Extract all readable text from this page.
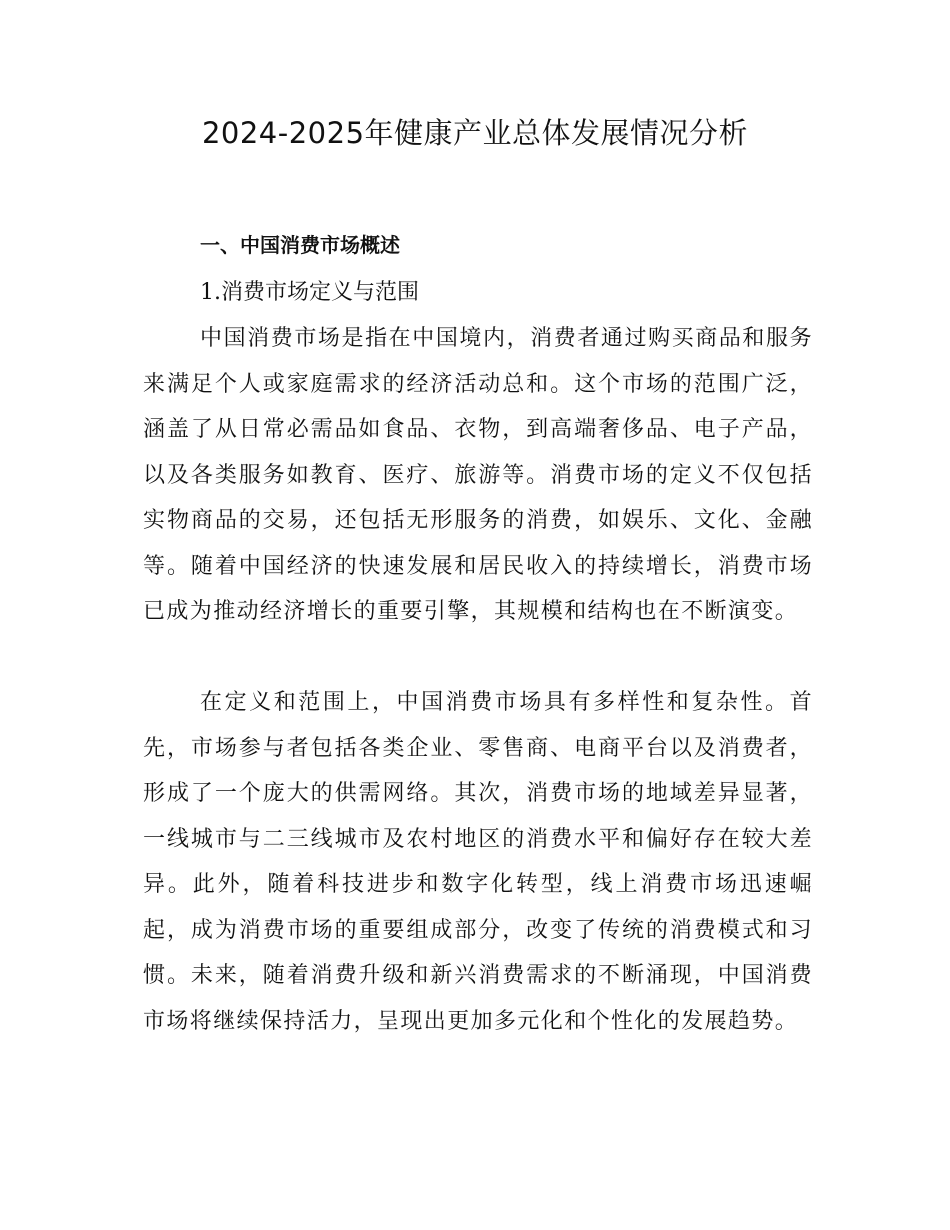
2024-2025年健康产业总体发展情况分析
一、中国消费市场概述
1.消费市场定义与范围

中国消费市场是指在中国境内，消费者通过购买商品和服务来满足个人或家庭需求的经济活动总和。这个市场的范围广泛，涵盖了从日常必需品如食品、衣物，到高端奢侈品、电子产品，以及各类服务如教育、医疗、旅游等。消费市场的定义不仅包括实物商品的交易，还包括无形服务的消费，如娱乐、文化、金融等。随着中国经济的快速发展和居民收入的持续增长，消费市场已成为推动经济增长的重要引擎，其规模和结构也在不断演变。

在定义和范围上，中国消费市场具有多样性和复杂性。首先，市场参与者包括各类企业、零售商、电商平台以及消费者，形成了一个庞大的供需网络。其次，消费市场的地域差异显著，一线城市与二三线城市及农村地区的消费水平和偏好存在较大差异。此外，随着科技进步和数字化转型，线上消费市场迅速崛起，成为消费市场的重要组成部分，改变了传统的消费模式和习惯。未来，随着消费升级和新兴消费需求的不断涌现，中国消费市场将继续保持活力，呈现出更加多元化和个性化的发展趋势。
